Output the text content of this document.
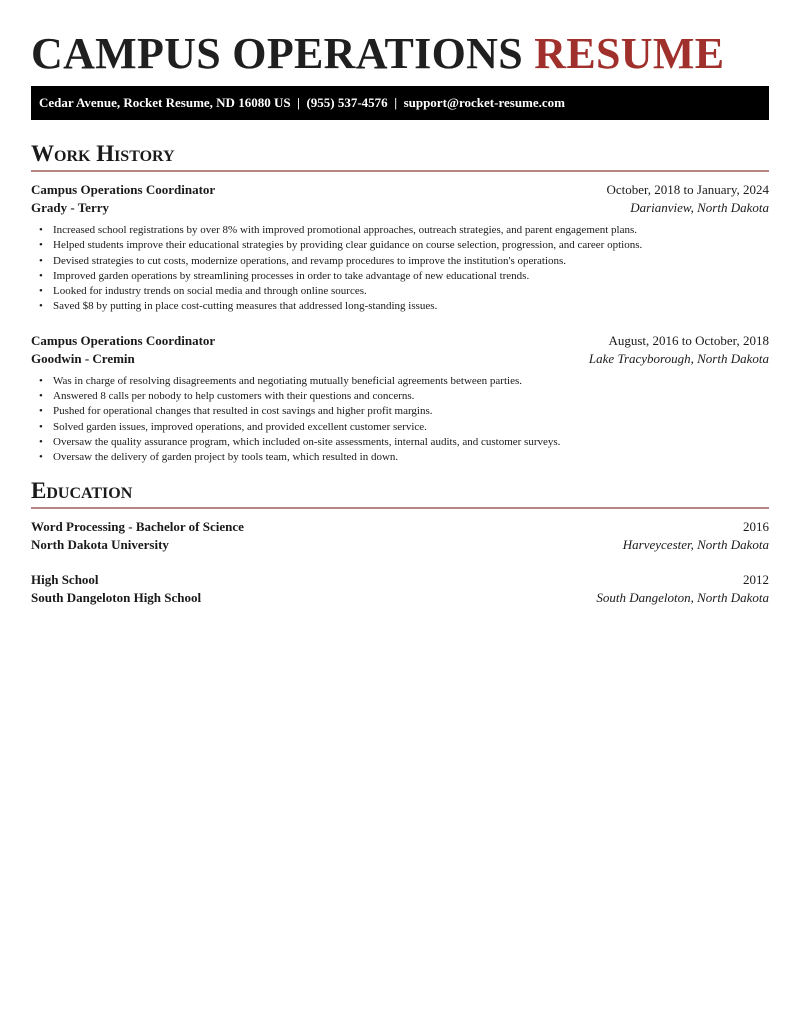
CAMPUS OPERATIONS RESUME
Cedar Avenue, Rocket Resume, ND 16080 US | (955) 537-4576 | support@rocket-resume.com
Work History
Campus Operations Coordinator	October, 2018 to January, 2024
Grady - Terry	Darianview, North Dakota
• Increased school registrations by over 8% with improved promotional approaches, outreach strategies, and parent engagement plans.
• Helped students improve their educational strategies by providing clear guidance on course selection, progression, and career options.
• Devised strategies to cut costs, modernize operations, and revamp procedures to improve the institution's operations.
• Improved garden operations by streamlining processes in order to take advantage of new educational trends.
• Looked for industry trends on social media and through online sources.
• Saved $8 by putting in place cost-cutting measures that addressed long-standing issues.
Campus Operations Coordinator	August, 2016 to October, 2018
Goodwin - Cremin	Lake Tracyborough, North Dakota
• Was in charge of resolving disagreements and negotiating mutually beneficial agreements between parties.
• Answered 8 calls per nobody to help customers with their questions and concerns.
• Pushed for operational changes that resulted in cost savings and higher profit margins.
• Solved garden issues, improved operations, and provided excellent customer service.
• Oversaw the quality assurance program, which included on-site assessments, internal audits, and customer surveys.
• Oversaw the delivery of garden project by tools team, which resulted in down.
Education
Word Processing - Bachelor of Science	2016
North Dakota University	Harveycester, North Dakota
High School	2012
South Dangeloton High School	South Dangeloton, North Dakota
